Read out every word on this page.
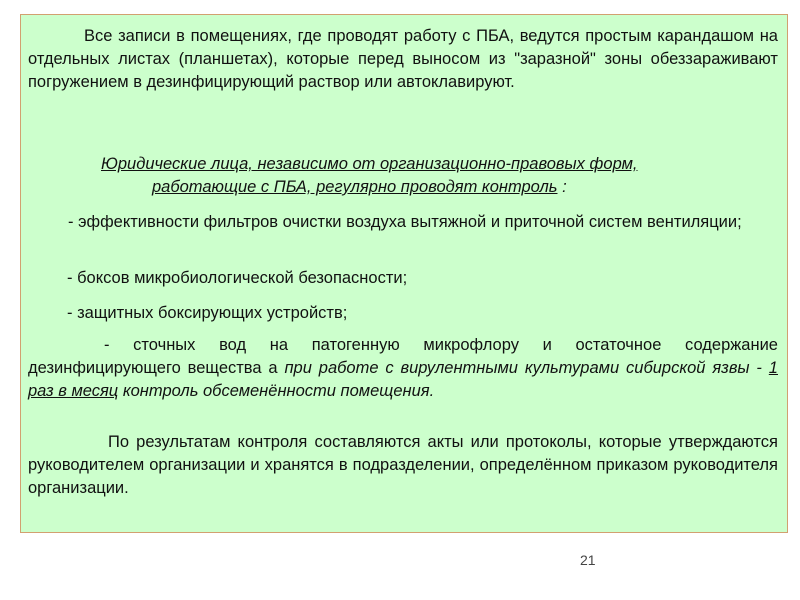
Все записи в помещениях, где проводят работу с ПБА, ведутся простым карандашом на отдельных листах (планшетах), которые перед выносом из "заразной" зоны обеззараживают погружением в дезинфицирующий раствор или автоклавируют.

Юридические лица, независимо от организационно-правовых форм,
работающие с ПБА, регулярно проводят контроль :

- эффективности фильтров очистки воздуха вытяжной и приточной систем вентиляции;

- боксов микробиологической безопасности;

- защитных боксирующих устройств;

- сточных вод на патогенную микрофлору и остаточное содержание дезинфицирующего вещества а при работе с вирулентными культурами сибирской язвы - 1 раз в месяц контроль обсеменённости помещения.

По результатам контроля составляются акты или протоколы, которые утверждаются руководителем организации и хранятся в подразделении, определённом приказом руководителя организации.

21
